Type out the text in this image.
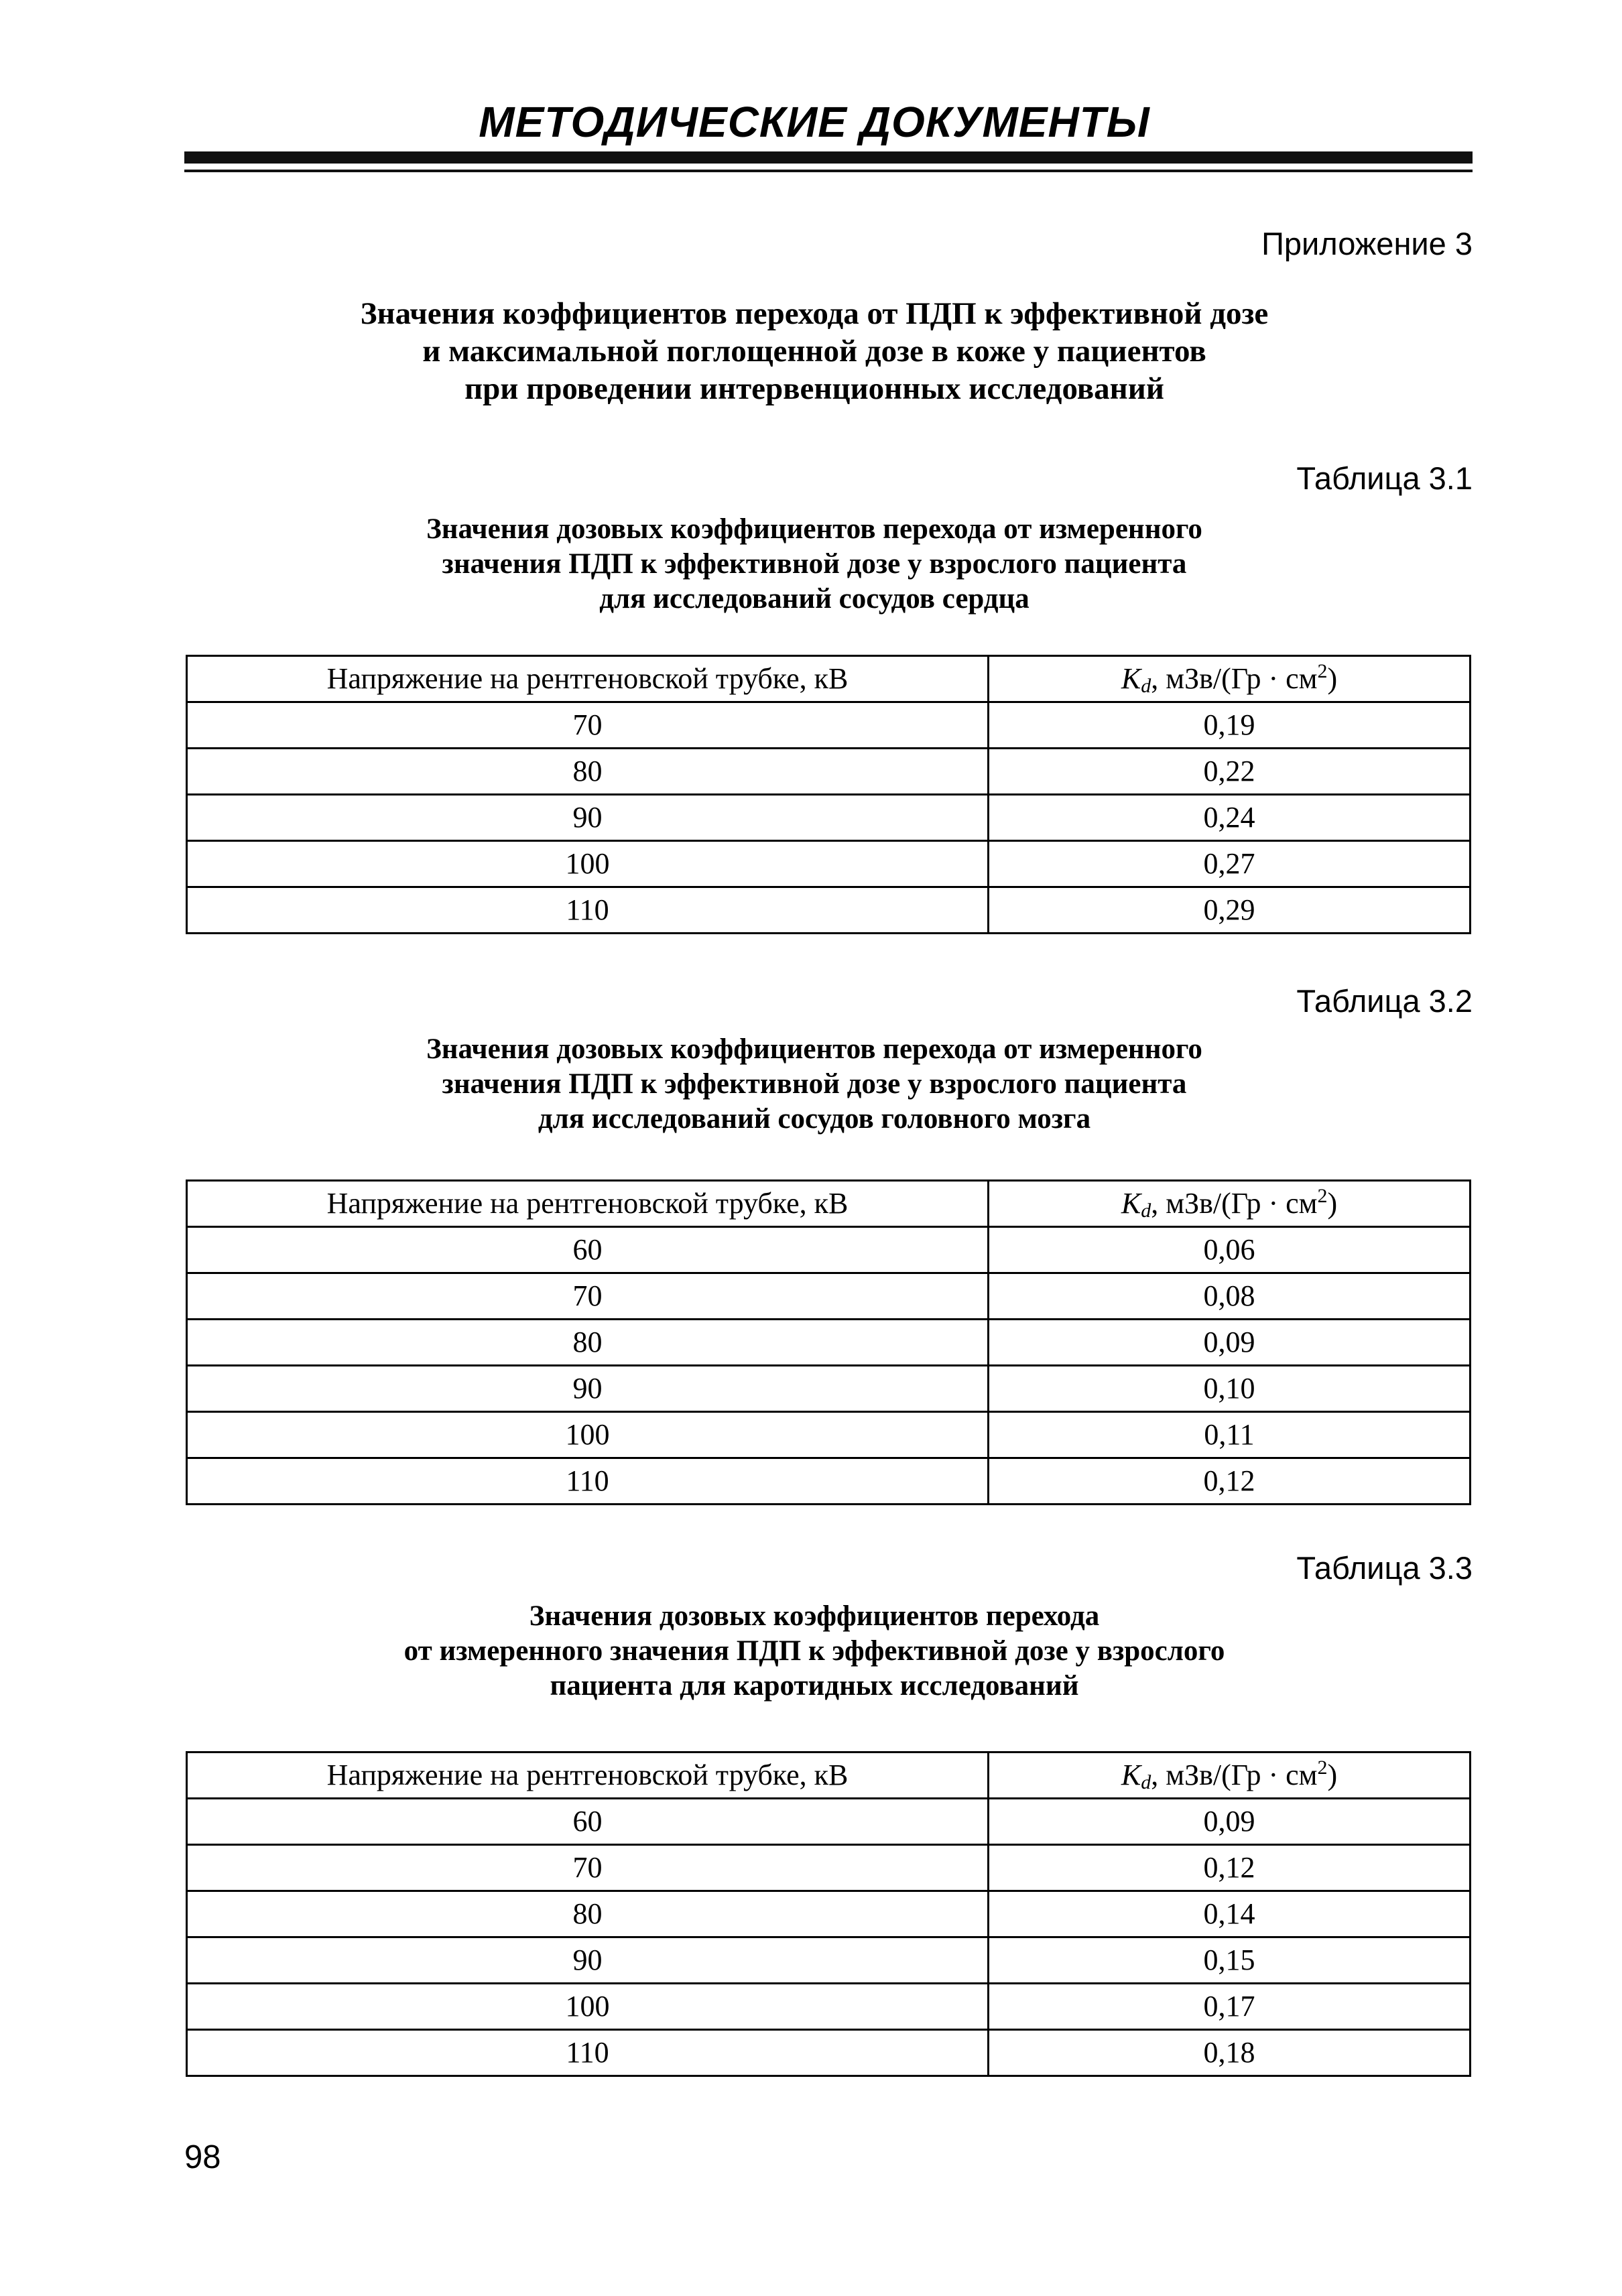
МЕТОДИЧЕСКИЕ ДОКУМЕНТЫ
Приложение 3
Значения коэффициентов перехода от ПДП к эффективной дозе
и максимальной поглощенной дозе в коже у пациентов
при проведении интервенционных исследований
Таблица 3.1
Значения дозовых коэффициентов перехода от измеренного
значения ПДП к эффективной дозе у взрослого пациента
для исследований сосудов сердца
Напряжение на рентгеновской трубке, кВ	$K_d$, $мЗв/(Гр \cdot см^2)$
70	0,19
80	0,22
90	0,24
100	0,27
110	0,29
Таблица 3.2
Значения дозовых коэффициентов перехода от измеренного
значения ПДП к эффективной дозе у взрослого пациента
для исследований сосудов головного мозга
Напряжение на рентгеновской трубке, кВ	$K_d$, $мЗв/(Гр \cdot см^2)$
60	0,06
70	0,08
80	0,09
90	0,10
100	0,11
110	0,12
Таблица 3.3
Значения дозовых коэффициентов перехода
от измеренного значения ПДП к эффективной дозе у взрослого
пациента для каротидных исследований
Напряжение на рентгеновской трубке, кВ	$K_d$, $мЗв/(Гр \cdot см^2)$
60	0,09
70	0,12
80	0,14
90	0,15
100	0,17
110	0,18
98
